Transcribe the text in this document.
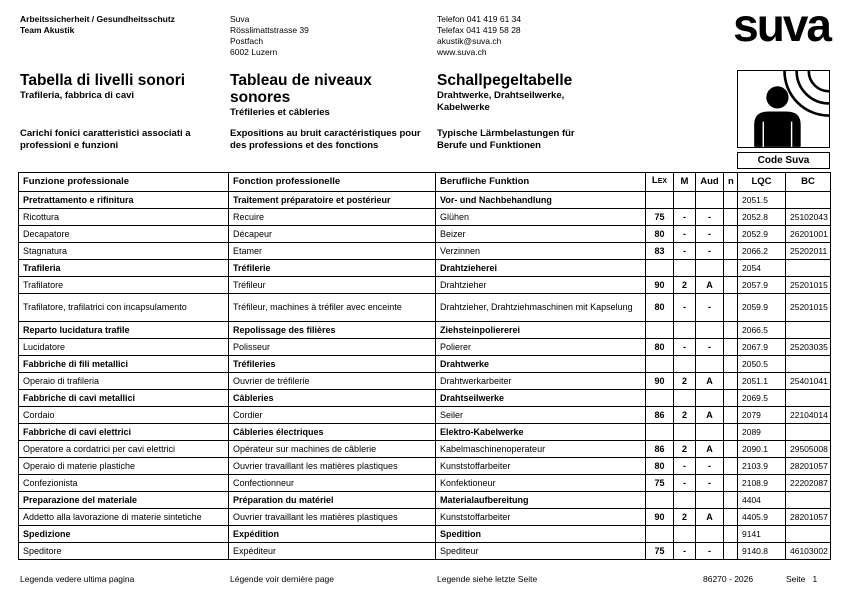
Arbeitssicherheit / Gesundheitsschutz
Team Akustik
Suva
Rösslimattstrasse 39
Postfach
6002 Luzern
Telefon 041 419 61 34
Telefax 041 419 58 28
akustik@suva.ch
www.suva.ch
suva
Tabella di livelli sonori
Trafileria, fabbrica di cavi
Tableau de niveaux sonores
Tréfileries et câbleries
Schallpegeltabelle
Drahtwerke, Drahtseilwerke, Kabelwerke
Carichi fonici caratteristici associati a professioni e funzioni
Expositions au bruit caractéristiques pour des professions et des fonctions
Typische Lärmbelastungen für Berufe und Funktionen
Code Suva
Funzione professionale	Fonction professionelle	Berufliche Funktion	LEX	M	Aud	n	LQC	BC
Pretrattamento e rifinitura	Traitement préparatoire et postérieur	Vor- und Nachbehandlung					2051.5	
Ricottura	Recuire	Glühen	75	-	-		2052.8	25102043
Decapatore	Décapeur	Beizer	80	-	-		2052.9	26201001
Stagnatura	Etamer	Verzinnen	83	-	-		2066.2	25202011
Trafileria	Tréfilerie	Drahtzieherei					2054	
Trafilatore	Tréfileur	Drahtzieher	90	2	A		2057.9	25201015
Trafilatore, trafilatrici con incapsulamento	Tréfileur, machines à tréfiler avec enceinte	Drahtzieher, Drahtziehmaschinen mit Kapselung	80	-	-		2059.9	25201015
Reparto lucidatura trafile	Repolissage des filières	Ziehsteinpoliererei					2066.5	
Lucidatore	Polisseur	Polierer	80	-	-		2067.9	25203035
Fabbriche di fili metallici	Tréfileries	Drahtwerke					2050.5	
Operaio di trafileria	Ouvrier de tréfilerie	Drahtwerkarbeiter	90	2	A		2051.1	25401041
Fabbriche di cavi metallici	Câbleries	Drahtseilwerke					2069.5	
Cordaio	Cordier	Seiler	86	2	A		2079	22104014
Fabbriche di cavi elettrici	Câbleries électriques	Elektro-Kabelwerke					2089	
Operatore a cordatrici per cavi elettrici	Opérateur sur machines de câblerie	Kabelmaschinenoperateur	86	2	A		2090.1	29505008
Operaio di materie plastiche	Ouvrier travaillant les matières plastiques	Kunststoffarbeiter	80	-	-		2103.9	28201057
Confezionista	Confectionneur	Konfektioneur	75	-	-		2108.9	22202087
Preparazione del materiale	Préparation du matériel	Materialaufbereitung					4404	
Addetto alla lavorazione di materie sintetiche	Ouvrier travaillant les matières plastiques	Kunststoffarbeiter	90	2	A		4405.9	28201057
Spedizione	Expédition	Spedition					9141	
Speditore	Expéditeur	Spediteur	75	-	-		9140.8	46103002
Legenda vedere ultima pagina	Légende voir dernière page	Legende siehe letzte Seite	86270 - 2026	Seite 1
